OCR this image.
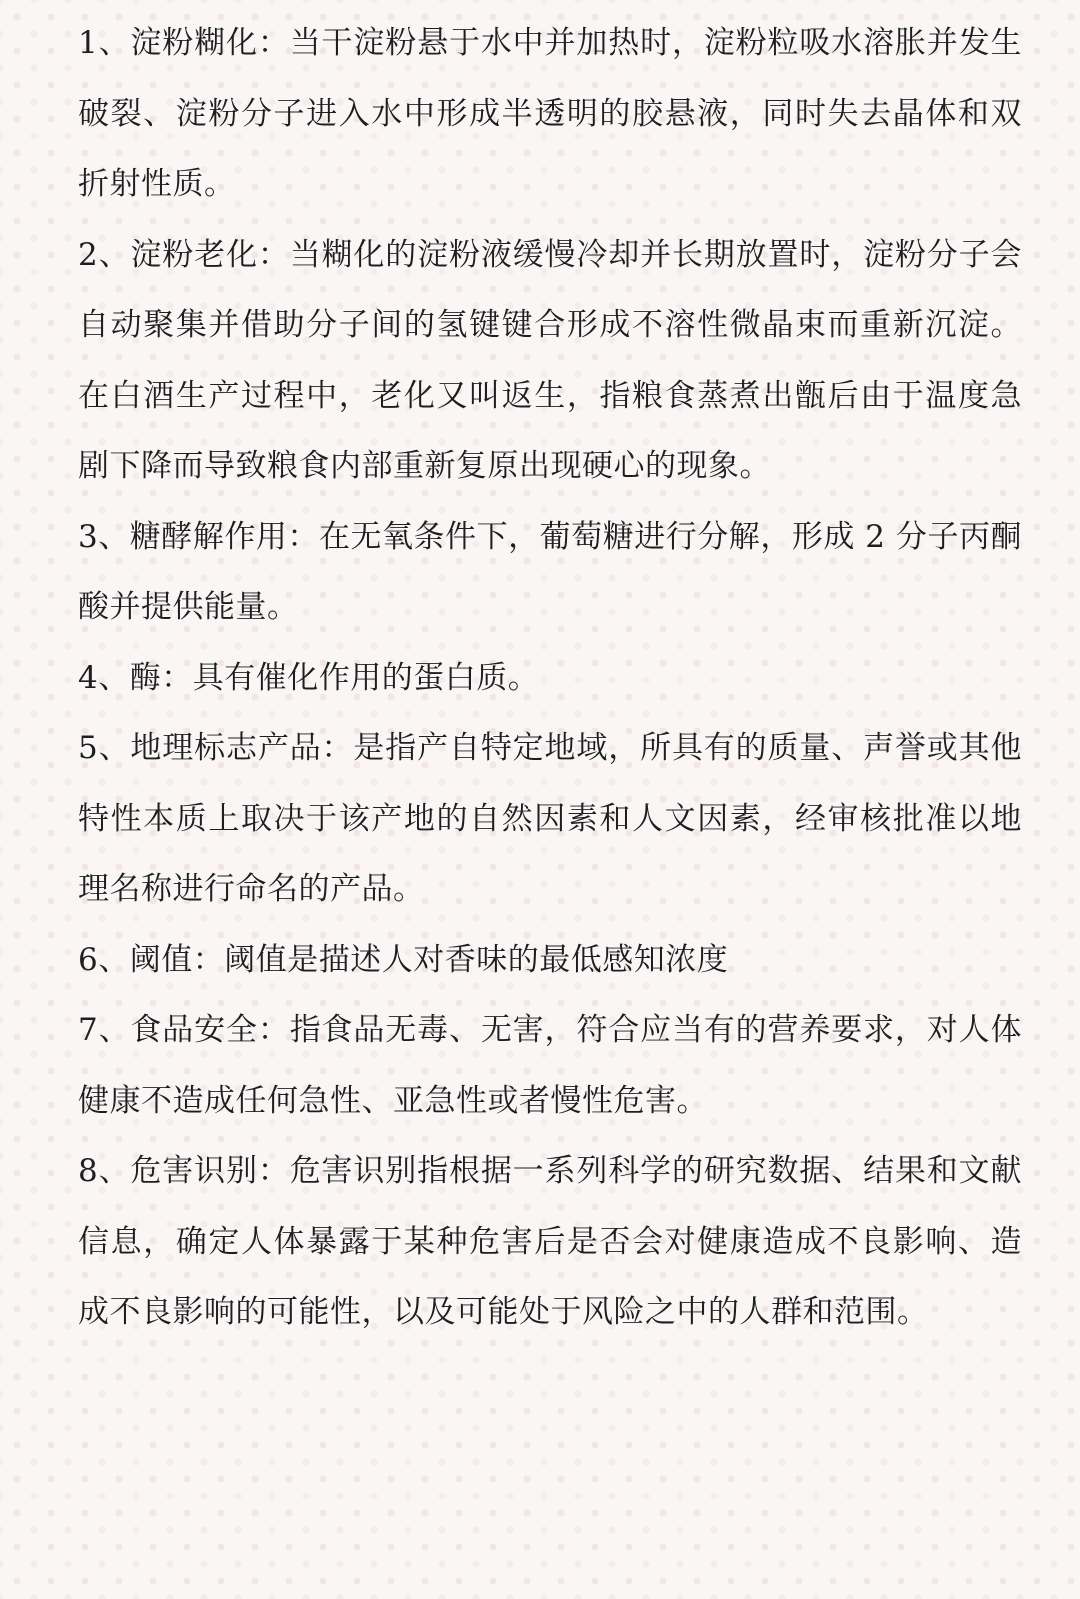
1、淀粉糊化：当干淀粉悬于水中并加热时，淀粉粒吸水溶胀并发生破裂、淀粉分子进入水中形成半透明的胶悬液，同时失去晶体和双折射性质。

2、淀粉老化：当糊化的淀粉液缓慢冷却并长期放置时，淀粉分子会自动聚集并借助分子间的氢键键合形成不溶性微晶束而重新沉淀。在白酒生产过程中，老化又叫返生，指粮食蒸煮出甑后由于温度急剧下降而导致粮食内部重新复原出现硬心的现象。

3、糖酵解作用：在无氧条件下，葡萄糖进行分解，形成 2 分子丙酮酸并提供能量。

4、酶：具有催化作用的蛋白质。

5、地理标志产品：是指产自特定地域，所具有的质量、声誉或其他特性本质上取决于该产地的自然因素和人文因素，经审核批准以地理名称进行命名的产品。

6、阈值：阈值是描述人对香味的最低感知浓度

7、食品安全：指食品无毒、无害，符合应当有的营养要求，对人体健康不造成任何急性、亚急性或者慢性危害。

8、危害识别：危害识别指根据一系列科学的研究数据、结果和文献信息，确定人体暴露于某种危害后是否会对健康造成不良影响、造成不良影响的可能性，以及可能处于风险之中的人群和范围。
